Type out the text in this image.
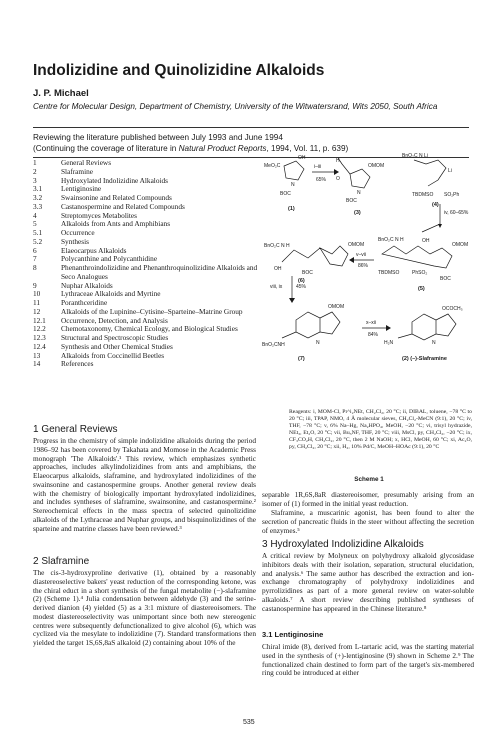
Indolizidine and Quinolizidine Alkaloids

J. P. Michael

Centre for Molecular Design, Department of Chemistry, University of the Witwatersrand, Wits 2050, South Africa

Reviewing the literature published between July 1993 and June 1994
(Continuing the coverage of literature in Natural Product Reports, 1994, Vol. 11, p. 639)

1	General Reviews
2	Slaframine
3	Hydroxylated Indolizidine Alkaloids
3.1	Lentiginosine
3.2	Swainsonine and Related Compounds
3.3	Castanospermine and Related Compounds
4	Streptomyces Metabolites
5	Alkaloids from Ants and Amphibians
5.1	Occurrence
5.2	Synthesis
6	Elaeocarpus Alkaloids
7	Polycanthine and Polycanthidine
8	Phenanthroindolizidine and Phenanthroquinolizidine Alkaloids and Seco Analogues
9	Nuphar Alkaloids
10	Lythraceae Alkaloids and Myrtine
11	Poranthceridine
12	Alkaloids of the Lupinine–Cytisine–Sparteine–Matrine Group
12.1	Occurrence, Detection, and Analysis
12.2	Chemotaxonomy, Chemical Ecology, and Biological Studies
12.3	Structural and Spectroscopic Studies
12.4	Synthesis and Other Chemical Studies
13	Alkaloids from Coccinellid Beetles
14	References
MeO₂C
OH
N
BOC
H
O
OMOM
N
BOC
BnO₂C N Li
Li
TBDMSO SO₂Ph
BnO₂C N H	OMOM
OH
BOC
BnO₂C N H	OH
OMOM
TBDMSO	PhSO₂
BOC
OMOM
N
BnO₂CNH
OCOCH₃
N
H₂N
i–iii
65%
iv, 60–65%
v–vii
86%
viii, ix	45%
x–xii
84%
(1)
(3)
(4)
(6)
(5)
(7)	(2) (–)-Slaframine

Reagents: i, MOM-Cl, Pr^i₂NEt, CH₂Cl₂, 20 °C; ii, DIBAL, toluene, −78 °C to 20 °C; iii, TPAP, NMO, 4 Å molecular sieves, CH₂Cl₂-MeCN (9:1), 20 °C; iv, THF, −78 °C; v, 6% Na–Hg, Na₂HPO₄, MeOH, −20 °C; vi, trisyl hydrazide, NEt₃, Et₂O, 20 °C; vii, Bu₃NF, THF, 20 °C; viii, MsCl, py, CH₂Cl₂, −20 °C; ix, CF₃CO₂H, CH₂Cl₂, 20 °C, then 2 M NaOH; x, HCl, MeOH, 60 °C; xi, Ac₂O, py, CH₂Cl₂, 20 °C; xii, H₂, 10% Pd/C, MeOH–HOAc (9:1), 20 °C

Scheme 1

1 General Reviews

Progress in the chemistry of simple indolizidine alkaloids during the period 1986–92 has been covered by Takahata and Momose in the Academic Press monograph 'The Alkaloids'.¹ This review, which emphasizes synthetic approaches, includes alkylindolizidines from ants and amphibians, the Elaeocarpus alkaloids, slaframine, and hydroxylated indolizidines of the swainsonine and castanospermine groups. Another general review deals with the chemistry of biologically important hydroxylated indolizidines, and includes syntheses of slaframine, swainsonine, and castanospermine.² Stereochemical effects in the mass spectra of selected quinolizidine alkaloids of the Lythraceae and Nuphar groups, and bisquinolizidines of the sparteine and matrine classes have been reviewed.³

2 Slaframine

The cis-3-hydroxyproline derivative (1), obtained by a reasonably diastereoselective bakers' yeast reduction of the corresponding ketone, was the chiral educt in a short synthesis of the fungal metabolite (−)-slaframine (2) (Scheme 1).⁴ Julia condensation between aldehyde (3) and the serine-derived dianion (4) yielded (5) as a 3:1 mixture of diastereoisomers. The modest diastereoselectivity was unimportant since both new stereogenic centres were subsequently defunctionalized to give alcohol (6), which was cyclized via the mesylate to indolizidine (7). Standard transformations then yielded the target 1S,6S,8aS alkaloid (2) containing about 10% of the

separable 1R,6S,8aR diastereoisomer, presumably arising from an isomer of (1) formed in the initial yeast reduction.

Slaframine, a muscarinic agonist, has been found to alter the secretion of pancreatic fluids in the steer without affecting the secretion of enzymes.⁵

3 Hydroxylated Indolizidine Alkaloids

A critical review by Molyneux on polyhydroxy alkaloid glycosidase inhibitors deals with their isolation, separation, structural elucidation, and analysis.⁶ The same author has described the extraction and ion-exchange chromatography of polyhydroxy indolizidines and pyrrolizidines as part of a more general review on water-soluble alkaloids.⁷ A short review describing published syntheses of castanospermine has appeared in the Chinese literature.⁸

3.1 Lentiginosine

Chiral imide (8), derived from L-tartaric acid, was the starting material used in the synthesis of (+)-lentiginosine (9) shown in Scheme 2.⁹ The functionalized chain destined to form part of the target's six-membered ring could be introduced at either

535
